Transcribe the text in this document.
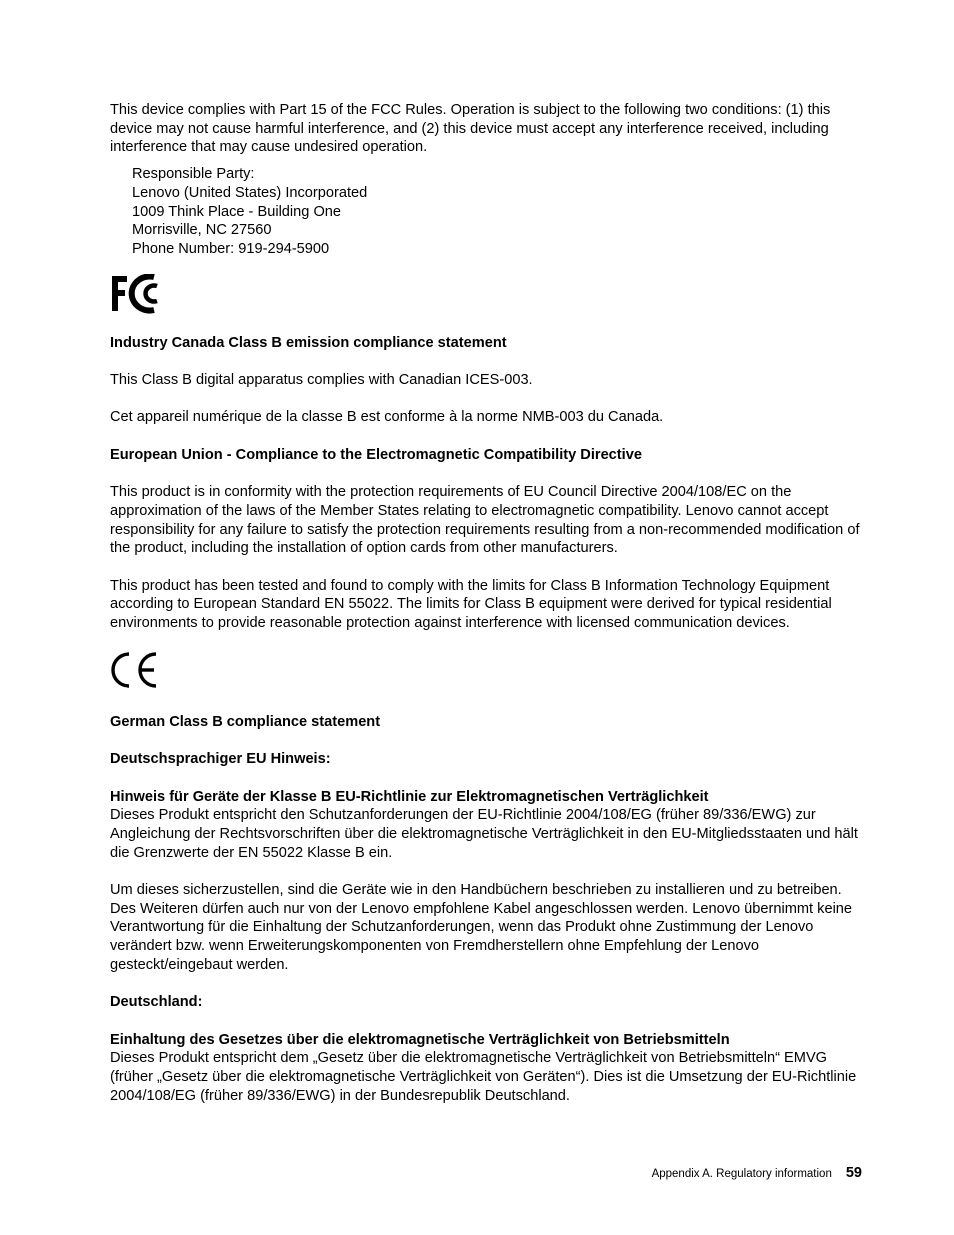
This device complies with Part 15 of the FCC Rules. Operation is subject to the following two conditions: (1) this device may not cause harmful interference, and (2) this device must accept any interference received, including interference that may cause undesired operation.

Responsible Party:
Lenovo (United States) Incorporated
1009 Think Place - Building One
Morrisville, NC 27560
Phone Number: 919-294-5900

Industry Canada Class B emission compliance statement

This Class B digital apparatus complies with Canadian ICES-003.

Cet appareil numérique de la classe B est conforme à la norme NMB-003 du Canada.

European Union - Compliance to the Electromagnetic Compatibility Directive

This product is in conformity with the protection requirements of EU Council Directive 2004/108/EC on the approximation of the laws of the Member States relating to electromagnetic compatibility. Lenovo cannot accept responsibility for any failure to satisfy the protection requirements resulting from a non-recommended modification of the product, including the installation of option cards from other manufacturers.

This product has been tested and found to comply with the limits for Class B Information Technology Equipment according to European Standard EN 55022. The limits for Class B equipment were derived for typical residential environments to provide reasonable protection against interference with licensed communication devices.

German Class B compliance statement

Deutschsprachiger EU Hinweis:

Hinweis für Geräte der Klasse B EU-Richtlinie zur Elektromagnetischen Verträglichkeit

Dieses Produkt entspricht den Schutzanforderungen der EU-Richtlinie 2004/108/EG (früher 89/336/EWG) zur Angleichung der Rechtsvorschriften über die elektromagnetische Verträglichkeit in den EU-Mitgliedsstaaten und hält die Grenzwerte der EN 55022 Klasse B ein.

Um dieses sicherzustellen, sind die Geräte wie in den Handbüchern beschrieben zu installieren und zu betreiben. Des Weiteren dürfen auch nur von der Lenovo empfohlene Kabel angeschlossen werden. Lenovo übernimmt keine Verantwortung für die Einhaltung der Schutzanforderungen, wenn das Produkt ohne Zustimmung der Lenovo verändert bzw. wenn Erweiterungskomponenten von Fremdherstellern ohne Empfehlung der Lenovo gesteckt/eingebaut werden.

Deutschland:

Einhaltung des Gesetzes über die elektromagnetische Verträglichkeit von Betriebsmitteln

Dieses Produkt entspricht dem „Gesetz über die elektromagnetische Verträglichkeit von Betriebsmitteln“ EMVG (früher „Gesetz über die elektromagnetische Verträglichkeit von Geräten“). Dies ist die Umsetzung der EU-Richtlinie 2004/108/EG (früher 89/336/EWG) in der Bundesrepublik Deutschland.

Appendix A. Regulatory information 59
